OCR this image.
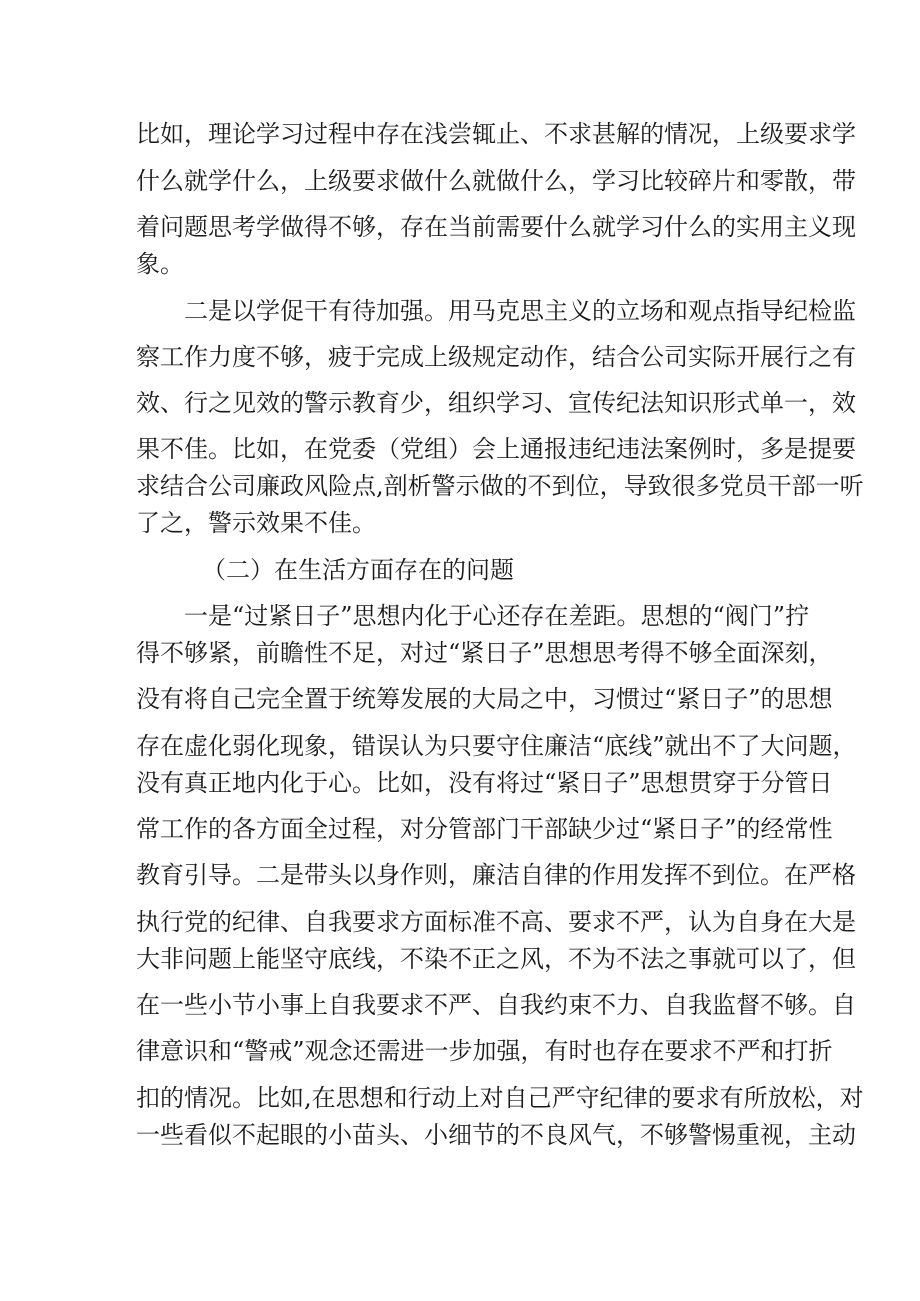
比如，理论学习过程中存在浅尝辄止、不求甚解的情况，上级要求学
什么就学什么，上级要求做什么就做什么，学习比较碎片和零散，带
着问题思考学做得不够，存在当前需要什么就学习什么的实用主义现
象。
二是以学促干有待加强。用马克思主义的立场和观点指导纪检监
察工作力度不够，疲于完成上级规定动作，结合公司实际开展行之有
效、行之见效的警示教育少，组织学习、宣传纪法知识形式单一，效
果不佳。比如，在党委（党组）会上通报违纪违法案例时，多是提要
求结合公司廉政风险点,剖析警示做的不到位，导致很多党员干部一听
了之，警示效果不佳。
（二）在生活方面存在的问题
一是“过紧日子”思想内化于心还存在差距。思想的“阀门”拧
得不够紧，前瞻性不足，对过“紧日子”思想思考得不够全面深刻，
没有将自己完全置于统筹发展的大局之中，习惯过“紧日子”的思想
存在虚化弱化现象，错误认为只要守住廉洁“底线”就出不了大问题，
没有真正地内化于心。比如，没有将过“紧日子”思想贯穿于分管日
常工作的各方面全过程，对分管部门干部缺少过“紧日子”的经常性
教育引导。二是带头以身作则，廉洁自律的作用发挥不到位。在严格
执行党的纪律、自我要求方面标准不高、要求不严，认为自身在大是
大非问题上能坚守底线，不染不正之风，不为不法之事就可以了，但
在一些小节小事上自我要求不严、自我约束不力、自我监督不够。自
律意识和“警戒”观念还需进一步加强，有时也存在要求不严和打折
扣的情况。比如,在思想和行动上对自己严守纪律的要求有所放松，对
一些看似不起眼的小苗头、小细节的不良风气，不够警惕重视，主动
